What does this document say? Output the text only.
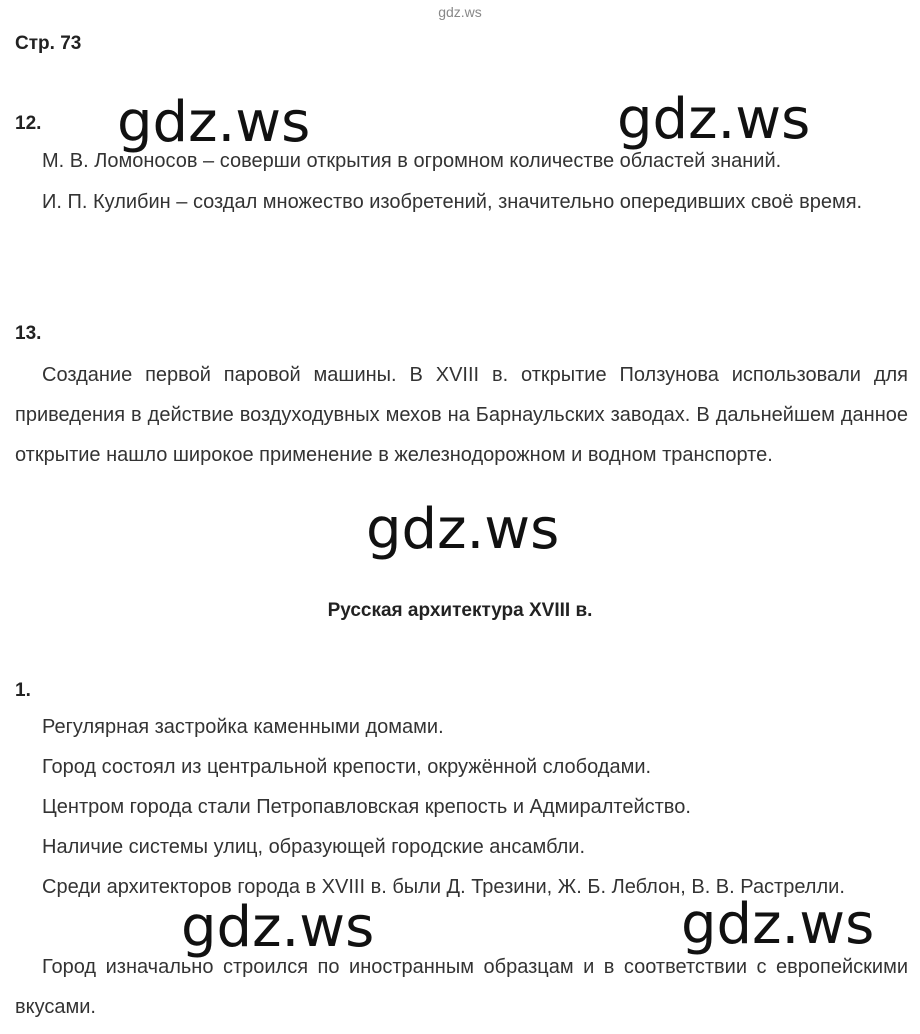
gdz.ws
Стр. 73
12.
М. В. Ломоносов – соверши открытия в огромном количестве областей знаний.
И. П. Кулибин – создал множество изобретений, значительно опередивших своё время.
13.
Создание первой паровой машины. В XVIII в. открытие Ползунова использовали для приведения в действие воздуходувных мехов на Барнаульских заводах. В дальнейшем данное открытие нашло широкое применение в железнодорожном и водном транспорте.
Русская архитектура XVIII в.
1.
Регулярная застройка каменными домами.
Город состоял из центральной крепости, окружённой слободами.
Центром города стали Петропавловская крепость и Адмиралтейство.
Наличие системы улиц, образующей городские ансамбли.
Среди архитекторов города в XVIII в. были Д. Трезини, Ж. Б. Леблон, В. В. Растрелли.
Город изначально строился по иностранным образцам и в соответствии с европейскими вкусами.
gdz.ws	gdz.ws
gdz.ws
gdz.ws	gdz.ws
